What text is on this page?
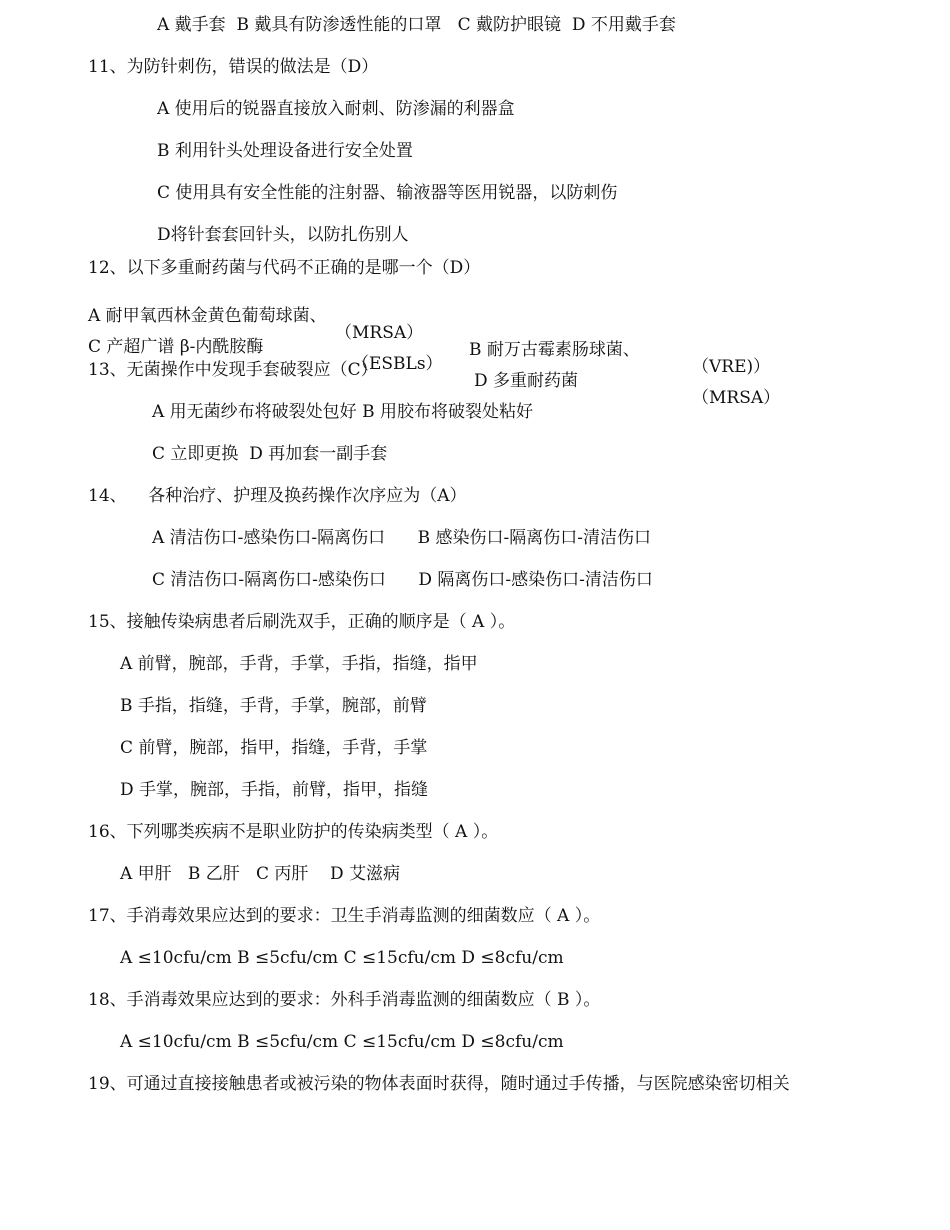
A 戴手套  B 戴具有防渗透性能的口罩   C 戴防护眼镜  D 不用戴手套

11、为防针刺伤，错误的做法是（D）

A 使用后的锐器直接放入耐刺、防渗漏的利器盒

B 利用针头处理设备进行安全处置

C 使用具有安全性能的注射器、输液器等医用锐器，以防刺伤

D将针套套回针头，以防扎伤别人

12、以下多重耐药菌与代码不正确的是哪一个（D）

A 耐甲氧西林金黄色葡萄球菌、

（MRSA）

B 耐万古霉素肠球菌、

（VRE)）

C 产超广谱 β-内酰胺酶

（ESBLs）

D 多重耐药菌

（MRSA）

13、无菌操作中发现手套破裂应（C）

A 用无菌纱布将破裂处包好 B 用胶布将破裂处粘好

C 立即更换  D 再加套一副手套

14、    各种治疗、护理及换药操作次序应为（A）

A 清洁伤口-感染伤口-隔离伤口      B 感染伤口-隔离伤口-清洁伤口

C 清洁伤口-隔离伤口-感染伤口      D 隔离伤口-感染伤口-清洁伤口

15、接触传染病患者后刷洗双手，正确的顺序是（ A ）。

A 前臂，腕部，手背，手掌，手指，指缝，指甲

B 手指，指缝，手背，手掌，腕部，前臂

C 前臂，腕部，指甲，指缝，手背，手掌

D 手掌，腕部，手指，前臂，指甲，指缝

16、下列哪类疾病不是职业防护的传染病类型（ A ）。

A 甲肝   B 乙肝   C 丙肝    D 艾滋病

17、手消毒效果应达到的要求：卫生手消毒监测的细菌数应（ A ）。

A ≤10cfu/cm B ≤5cfu/cm C ≤15cfu/cm D ≤8cfu/cm

18、手消毒效果应达到的要求：外科手消毒监测的细菌数应（ B ）。

A ≤10cfu/cm B ≤5cfu/cm C ≤15cfu/cm D ≤8cfu/cm

19、可通过直接接触患者或被污染的物体表面时获得，随时通过手传播，与医院感染密切相关
